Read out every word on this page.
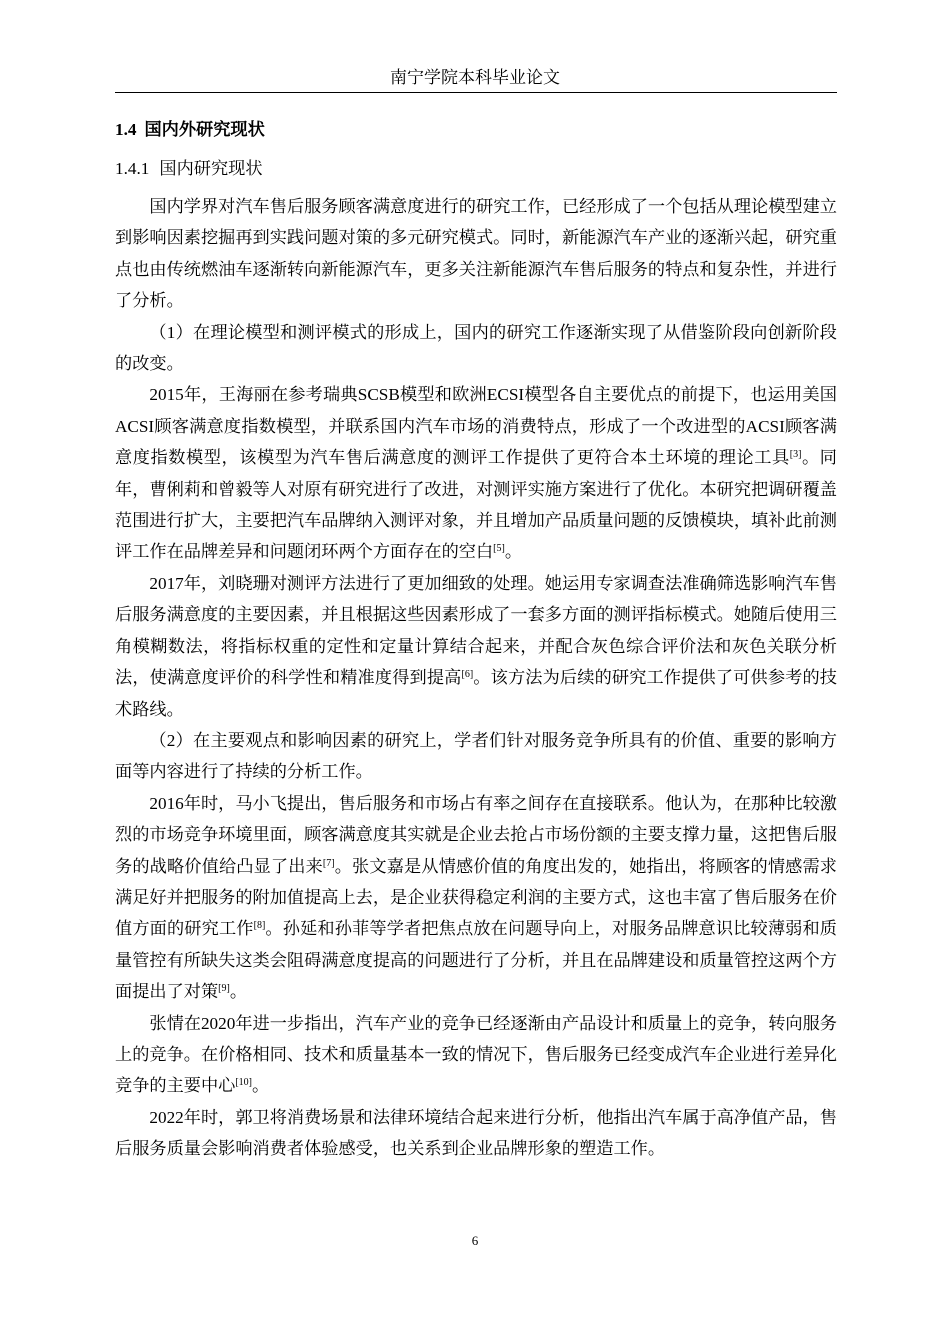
南宁学院本科毕业论文
1.4 国内外研究现状
1.4.1 国内研究现状

国内学界对汽车售后服务顾客满意度进行的研究工作，已经形成了一个包括从理论模型建立到影响因素挖掘再到实践问题对策的多元研究模式。同时，新能源汽车产业的逐渐兴起，研究重点也由传统燃油车逐渐转向新能源汽车，更多关注新能源汽车售后服务的特点和复杂性，并进行了分析。

（1）在理论模型和测评模式的形成上，国内的研究工作逐渐实现了从借鉴阶段向创新阶段的改变。

2015年，王海丽在参考瑞典SCSB模型和欧洲ECSI模型各自主要优点的前提下，也运用美国ACSI顾客满意度指数模型，并联系国内汽车市场的消费特点，形成了一个改进型的ACSI顾客满意度指数模型，该模型为汽车售后满意度的测评工作提供了更符合本土环境的理论工具[3]。同年，曹俐莉和曾毅等人对原有研究进行了改进，对测评实施方案进行了优化。本研究把调研覆盖范围进行扩大，主要把汽车品牌纳入测评对象，并且增加产品质量问题的反馈模块，填补此前测评工作在品牌差异和问题闭环两个方面存在的空白[5]。

2017年，刘晓珊对测评方法进行了更加细致的处理。她运用专家调查法准确筛选影响汽车售后服务满意度的主要因素，并且根据这些因素形成了一套多方面的测评指标模式。她随后使用三角模糊数法，将指标权重的定性和定量计算结合起来，并配合灰色综合评价法和灰色关联分析法，使满意度评价的科学性和精准度得到提高[6]。该方法为后续的研究工作提供了可供参考的技术路线。

（2）在主要观点和影响因素的研究上，学者们针对服务竞争所具有的价值、重要的影响方面等内容进行了持续的分析工作。

2016年时，马小飞提出，售后服务和市场占有率之间存在直接联系。他认为，在那种比较激烈的市场竞争环境里面，顾客满意度其实就是企业去抢占市场份额的主要支撑力量，这把售后服务的战略价值给凸显了出来[7]。张文嘉是从情感价值的角度出发的，她指出，将顾客的情感需求满足好并把服务的附加值提高上去，是企业获得稳定利润的主要方式，这也丰富了售后服务在价值方面的研究工作[8]。孙延和孙菲等学者把焦点放在问题导向上，对服务品牌意识比较薄弱和质量管控有所缺失这类会阻碍满意度提高的问题进行了分析，并且在品牌建设和质量管控这两个方面提出了对策[9]。

张情在2020年进一步指出，汽车产业的竞争已经逐渐由产品设计和质量上的竞争，转向服务上的竞争。在价格相同、技术和质量基本一致的情况下，售后服务已经变成汽车企业进行差异化竞争的主要中心[10]。

2022年时，郭卫将消费场景和法律环境结合起来进行分析，他指出汽车属于高净值产品，售后服务质量会影响消费者体验感受，也关系到企业品牌形象的塑造工作。

6
